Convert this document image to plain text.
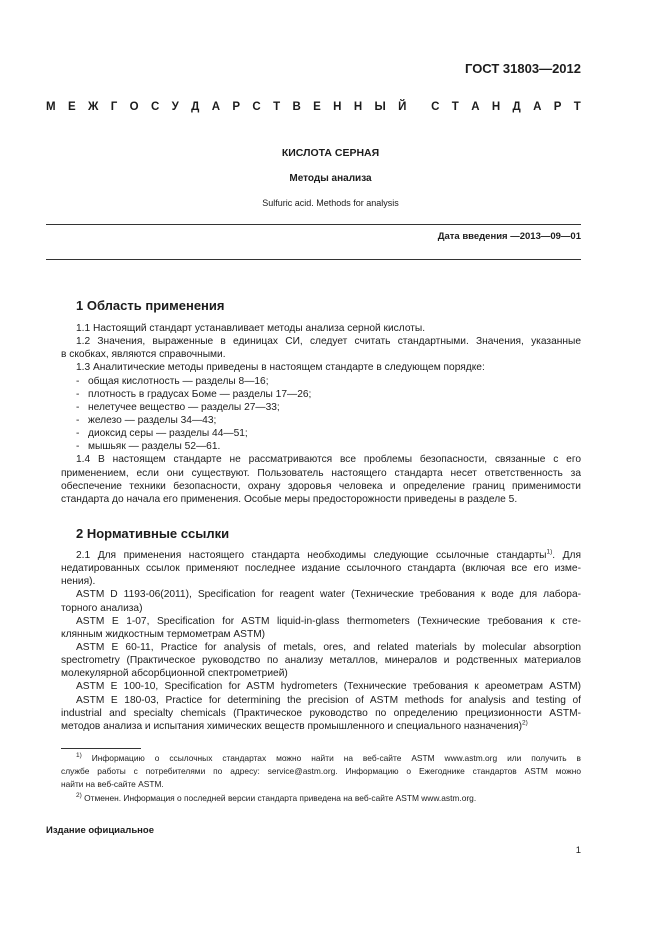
ГОСТ 31803—2012
М Е Ж Г О С У Д А Р С Т В Е Н Н Ы Й С Т А Н Д А Р Т
КИСЛОТА СЕРНАЯ
Методы анализа
Sulfuric acid. Methods for analysis
Дата введения —2013—09—01
1 Область применения
1.1 Настоящий стандарт устанавливает методы анализа серной кислоты.
1.2 Значения, выраженные в единицах СИ, следует считать стандартными. Значения, указанные
в скобках, являются справочными.
1.3 Аналитические методы приведены в настоящем стандарте в следующем порядке:
- общая кислотность — разделы 8—16;
- плотность в градусах Боме — разделы 17—26;
- нелетучее вещество — разделы 27—33;
- железо — разделы 34—43;
- диоксид серы — разделы 44—51;
- мышьяк — разделы 52—61.
1.4 В настоящем стандарте не рассматриваются все проблемы безопасности, связанные с его
применением, если они существуют. Пользователь настоящего стандарта несет ответственность за
обеспечение техники безопасности, охрану здоровья человека и определение границ применимости
стандарта до начала его применения. Особые меры предосторожности приведены в разделе 5.
2 Нормативные ссылки
2.1 Для применения настоящего стандарта необходимы следующие ссылочные стандарты$^{1)}$. Для
недатированных ссылок применяют последнее издание ссылочного стандарта (включая все его изме-
нения).
ASTM D 1193-06(2011), Specification for reagent water (Технические требования к воде для лабора-
торного анализа)
ASTM E 1-07, Specification for ASTM liquid-in-glass thermometers (Технические требования к сте-
клянным жидкостным термометрам ASTM)
ASTM E 60-11, Practice for analysis of metals, ores, and related materials by molecular absorption
spectrometry (Практическое руководство по анализу металлов, минералов и родственных материалов
молекулярной абсорбционной спектрометрией)
ASTM E 100-10, Specification for ASTM hydrometers (Технические требования к ареометрам ASTM)
ASTM E 180-03, Practice for determining the precision of ASTM methods for analysis and testing of
industrial and specialty chemicals (Практическое руководство по определению прецизионности ASTM-
методов анализа и испытания химических веществ промышленного и специального назначения)$^{2)}$
$^{1)}$ Информацию о ссылочных стандартах можно найти на веб-сайте ASTM www.astm.org или получить в
службе работы с потребителями по адресу: service@astm.org. Информацию о Ежегоднике стандартов ASTM можно
найти на веб-сайте ASTM.
$^{2)}$ Отменен. Информация о последней версии стандарта приведена на веб-сайте ASTM www.astm.org.
Издание официальное
1
